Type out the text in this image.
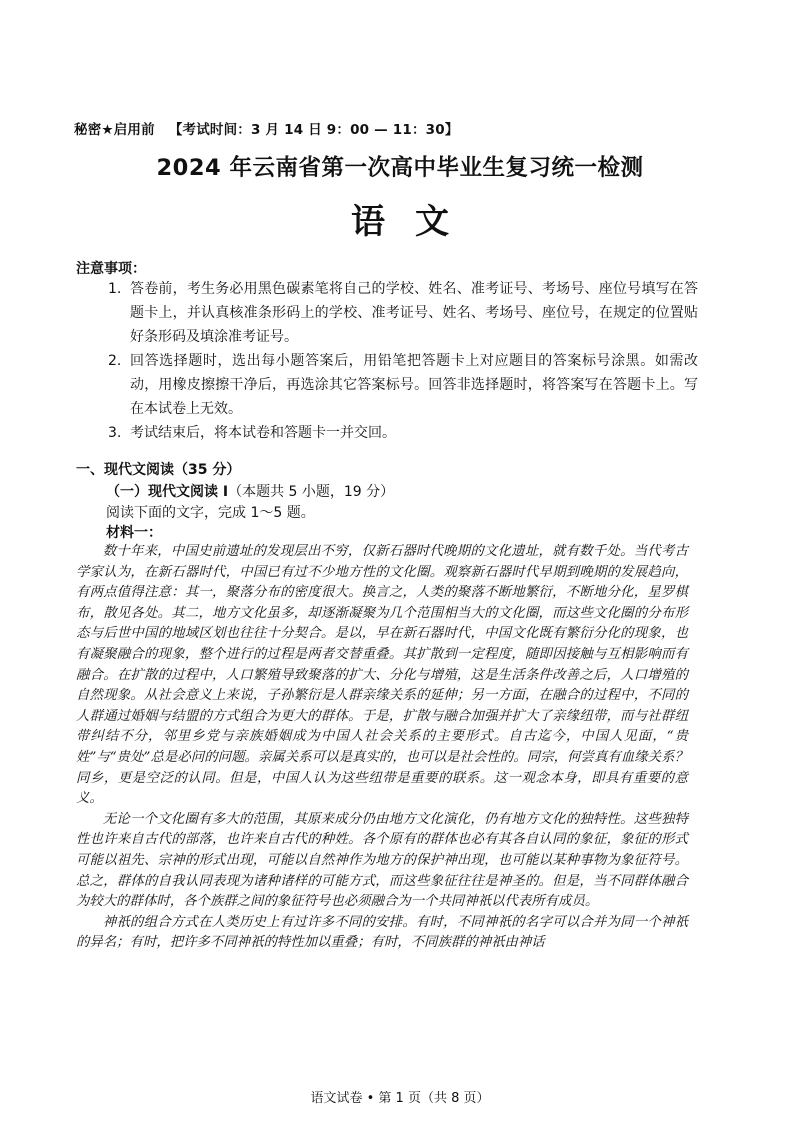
秘密★启用前 【考试时间：3 月 14 日 9：00 — 11：30】
2024 年云南省第一次高中毕业生复习统一检测
语文
注意事项：
1. 答卷前，考生务必用黑色碳素笔将自己的学校、姓名、准考证号、考场号、座位号填写在答题卡上，并认真核准条形码上的学校、准考证号、姓名、考场号、座位号，在规定的位置贴好条形码及填涂准考证号。
2. 回答选择题时，选出每小题答案后，用铅笔把答题卡上对应题目的答案标号涂黑。如需改动，用橡皮擦擦干净后，再选涂其它答案标号。回答非选择题时，将答案写在答题卡上。写在本试卷上无效。
3. 考试结束后，将本试卷和答题卡一并交回。
一、现代文阅读（35 分）
（一）现代文阅读 I（本题共 5 小题，19 分）
阅读下面的文字，完成 1～5 题。
材料一：

数十年来，中国史前遗址的发现层出不穷，仅新石器时代晚期的文化遗址，就有数千处。当代考古学家认为，在新石器时代，中国已有过不少地方性的文化圈。观察新石器时代早期到晚期的发展趋向，有两点值得注意：其一，聚落分布的密度很大。换言之，人类的聚落不断地繁衍，不断地分化，星罗棋布，散见各处。其二，地方文化虽多，却逐渐凝聚为几个范围相当大的文化圈，而这些文化圈的分布形态与后世中国的地域区划也往往十分契合。是以，早在新石器时代，中国文化既有繁衍分化的现象，也有凝聚融合的现象，整个进行的过程是两者交替重叠。其扩散到一定程度，随即因接触与互相影响而有融合。在扩散的过程中，人口繁殖导致聚落的扩大、分化与增殖，这是生活条件改善之后，人口增殖的自然现象。从社会意义上来说，子孙繁衍是人群亲缘关系的延伸；另一方面，在融合的过程中，不同的人群通过婚姻与结盟的方式组合为更大的群体。于是，扩散与融合加强并扩大了亲缘纽带，而与社群纽带纠结不分，邻里乡党与亲族婚姻成为中国人社会关系的主要形式。自古迄今，中国人见面，“贵姓”与“贵处”总是必问的问题。亲属关系可以是真实的，也可以是社会性的。同宗，何尝真有血缘关系？同乡，更是空泛的认同。但是，中国人认为这些纽带是重要的联系。这一观念本身，即具有重要的意义。

无论一个文化圈有多大的范围，其原来成分仍由地方文化演化，仍有地方文化的独特性。这些独特性也许来自古代的部落，也许来自古代的种姓。各个原有的群体也必有其各自认同的象征，象征的形式可能以祖先、宗神的形式出现，可能以自然神作为地方的保护神出现，也可能以某种事物为象征符号。总之，群体的自我认同表现为诸种诸样的可能方式，而这些象征往往是神圣的。但是，当不同群体融合为较大的群体时，各个族群之间的象征符号也必须融合为一个共同神祇以代表所有成员。

神祇的组合方式在人类历史上有过许多不同的安排。有时，不同神祇的名字可以合并为同一个神祇的异名；有时，把许多不同神祇的特性加以重叠；有时，不同族群的神祇由神话

语文试卷 • 第 1 页（共 8 页）
